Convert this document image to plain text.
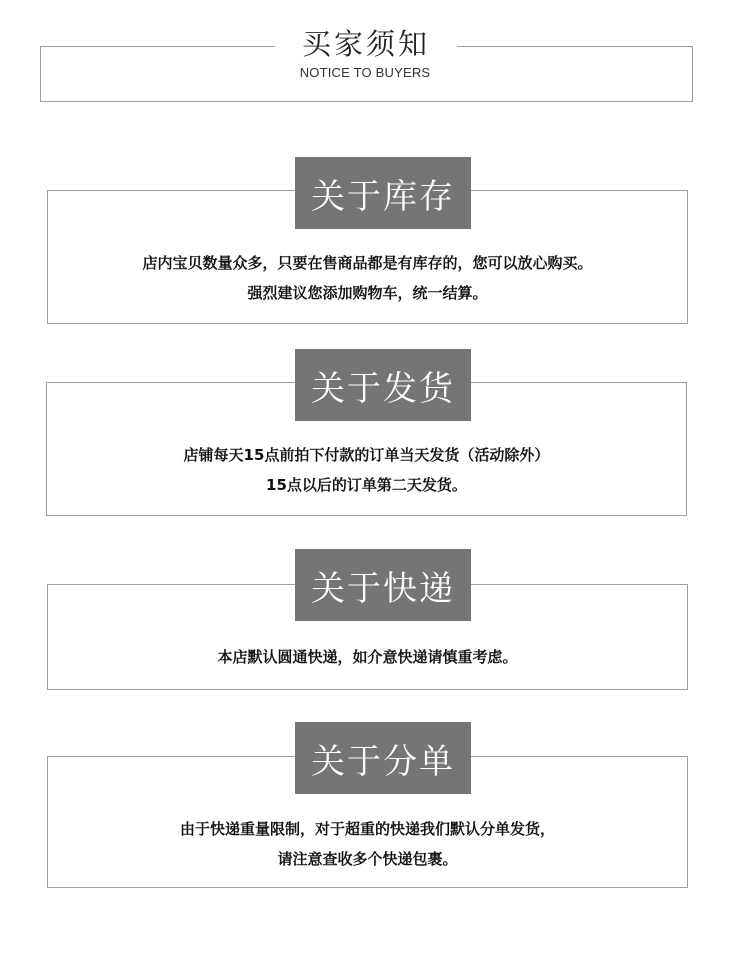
买家须知
NOTICE TO BUYERS
关于库存
店内宝贝数量众多，只要在售商品都是有库存的，您可以放心购买。
强烈建议您添加购物车，统一结算。
关于发货
店铺每天15点前拍下付款的订单当天发货（活动除外）
15点以后的订单第二天发货。
关于快递
本店默认圆通快递，如介意快递请慎重考虑。
关于分单
由于快递重量限制，对于超重的快递我们默认分单发货，
请注意查收多个快递包裹。
